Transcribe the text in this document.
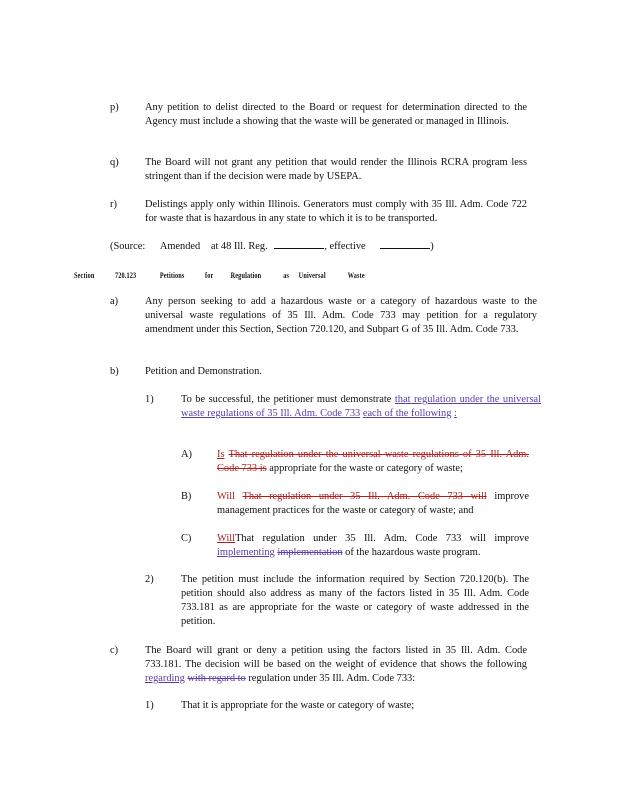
p)	Any petition to delist directed to the Board or request for determination directed to the Agency must include a showing that the waste will be generated or managed in Illinois.
q)	The Board will not grant any petition that would render the Illinois RCRA program less stringent than if the decision were made by USEPA.
r)	Delistings apply only within Illinois. Generators must comply with 35 Ill. Adm. Code 722 for waste that is hazardous in any state to which it is to be transported.
(Source: Amended at 48 Ill. Reg.	, effective	)
Section	720.123	Petitions	for Regulation	as Universal	Waste
a)	Any person seeking to add a hazardous waste or a category of hazardous waste to the universal waste regulations of 35 Ill. Adm. Code 733 may petition for a regulatory amendment under this Section, Section 720.120, and Subpart G of 35 Ill. Adm. Code 733.
b)	Petition and Demonstration.
1)	To be successful, the petitioner must demonstrate that regulation under the universal waste regulations of 35 Ill. Adm. Code 733 each of the following :
A) Is That regulation under the universal waste regulations of 35 Ill. Adm. Code 733 is appropriate for the waste or category of waste;
B) Will That regulation under 35 Ill. Adm. Code 733 will improve management practices for the waste or category of waste; and
C) WillThat regulation under 35 Ill. Adm. Code 733 will improve implementing implementation of the hazardous waste program.
2)	The petition must include the information required by Section 720.120(b). The petition should also address as many of the factors listed in 35 Ill. Adm. Code 733.181 as are appropriate for the waste or category of waste addressed in the petition.
c)	The Board will grant or deny a petition using the factors listed in 35 Ill. Adm. Code 733.181. The decision will be based on the weight of evidence that shows the following regarding with regard to regulation under 35 Ill. Adm. Code 733:
1)	That it is appropriate for the waste or category of waste;
